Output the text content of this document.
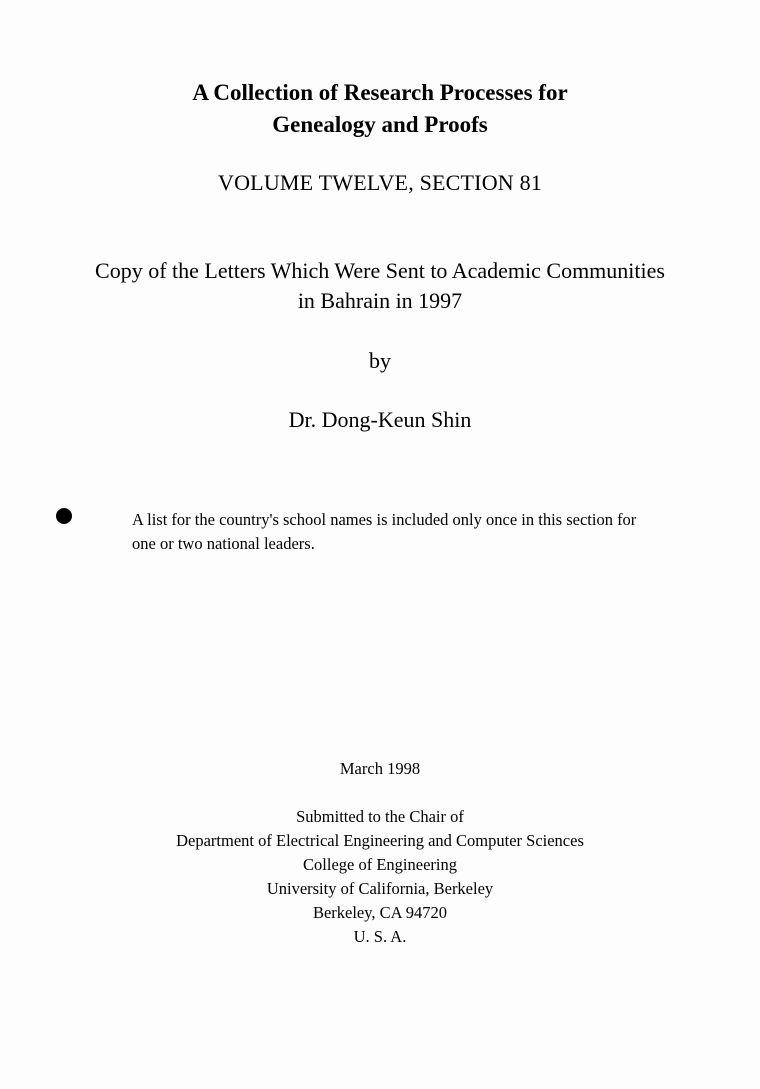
A Collection of Research Processes for
Genealogy and Proofs
VOLUME TWELVE, SECTION 81
Copy of the Letters Which Were Sent to Academic Communities
in Bahrain in 1997
by
Dr. Dong-Keun Shin
A list for the country's school names is included only once in this section for
one or two national leaders.
March 1998
Submitted to the Chair of
Department of Electrical Engineering and Computer Sciences
College of Engineering
University of California, Berkeley
Berkeley, CA 94720
U. S. A.
